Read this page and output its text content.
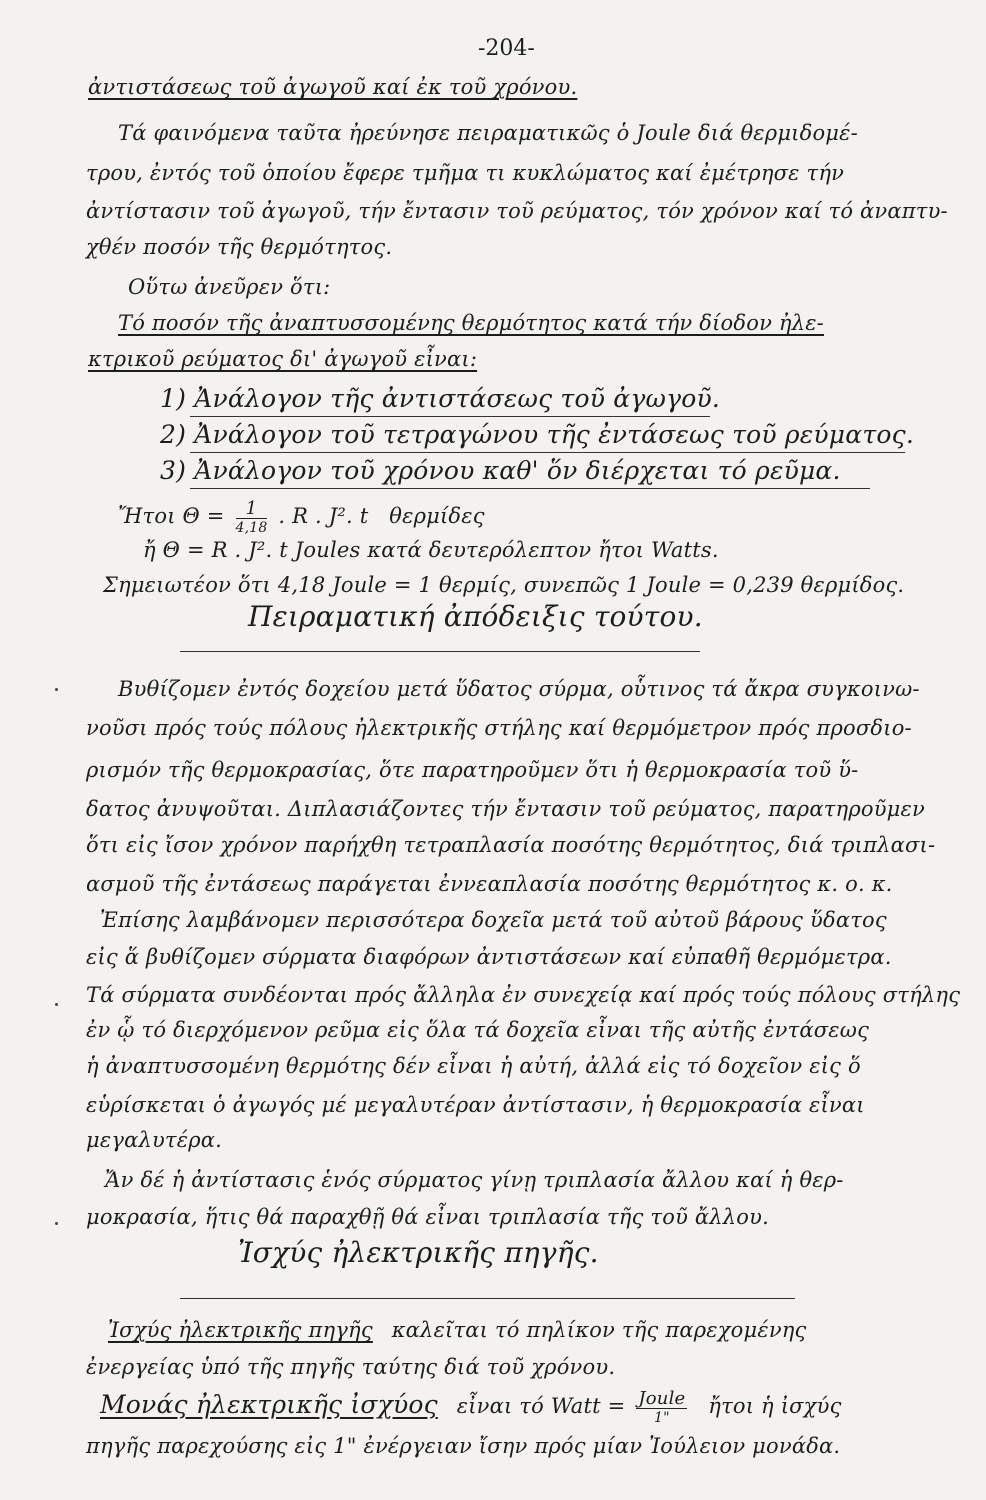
-204-
ἀντιστάσεως τοῦ ἀγωγοῦ καί ἐκ τοῦ χρόνου.
Τά φαινόμενα ταῦτα ἠρεύνησε πειραματικῶς ὁ Joule διά θερμιδομέ-
τρου, ἐντός τοῦ ὁποίου ἔφερε τμῆμα τι κυκλώματος καί ἐμέτρησε τήν
ἀντίστασιν τοῦ ἀγωγοῦ, τήν ἔντασιν τοῦ ρεύματος, τόν χρόνον καί τό ἀναπτυ-
χθέν ποσόν τῆς θερμότητος.
Οὕτω ἀνεῦρεν ὅτι:
Τό ποσόν τῆς ἀναπτυσσομένης θερμότητος κατά τήν δίοδον ἠλε-
κτρικοῦ ρεύματος δι' ἀγωγοῦ εἶναι:
1) Ἀνάλογον τῆς ἀντιστάσεως τοῦ ἀγωγοῦ.
2) Ἀνάλογον τοῦ τετραγώνου τῆς ἐντάσεως τοῦ ρεύματος.
3) Ἀνάλογον τοῦ χρόνου καθ' ὅν διέρχεται τό ρεῦμα.
Ἤτοι $\Theta = \frac{1}{4,18}$ . R . J². t θερμίδες
ἤ Θ = R . J². t Joules κατά δευτερόλεπτον ἤτοι Watts.
Σημειωτέον ὅτι 4,18 Joule = 1 θερμίς, συνεπῶς 1 Joule = 0,239 θερμίδος.
Πειραματική ἀπόδειξις τούτου.
Βυθίζομεν ἐντός δοχείου μετά ὕδατος σύρμα, οὗτινος τά ἄκρα συγκοινω-
νοῦσι πρός τούς πόλους ἠλεκτρικῆς στήλης καί θερμόμετρον πρός προσδιο-
ρισμόν τῆς θερμοκρασίας, ὅτε παρατηροῦμεν ὅτι ἡ θερμοκρασία τοῦ ὕ-
δατος ἀνυψοῦται. Διπλασιάζοντες τήν ἔντασιν τοῦ ρεύματος, παρατηροῦμεν
ὅτι εἰς ἴσον χρόνον παρήχθη τετραπλασία ποσότης θερμότητος, διά τριπλασι-
ασμοῦ τῆς ἐντάσεως παράγεται ἐννεαπλασία ποσότης θερμότητος κ. ο. κ.
Ἐπίσης λαμβάνομεν περισσότερα δοχεῖα μετά τοῦ αὐτοῦ βάρους ὕδατος
εἰς ἅ βυθίζομεν σύρματα διαφόρων ἀντιστάσεων καί εὐπαθῆ θερμόμετρα.
Τά σύρματα συνδέονται πρός ἄλληλα ἐν συνεχείᾳ καί πρός τούς πόλους στήλης
ἐν ᾧ τό διερχόμενον ρεῦμα εἰς ὅλα τά δοχεῖα εἶναι τῆς αὐτῆς ἐντάσεως
ἡ ἀναπτυσσομένη θερμότης δέν εἶναι ἡ αὐτή, ἀλλά εἰς τό δοχεῖον εἰς ὅ
εὑρίσκεται ὁ ἀγωγός μέ μεγαλυτέραν ἀντίστασιν, ἡ θερμοκρασία εἶναι
μεγαλυτέρα.
Ἄν δέ ἡ ἀντίστασις ἑνός σύρματος γίνῃ τριπλασία ἄλλου καί ἡ θερ-
μοκρασία, ἥτις θά παραχθῇ θά εἶναι τριπλασία τῆς τοῦ ἄλλου.
Ἰσχύς ἠλεκτρικῆς πηγῆς.
Ἰσχύς ἠλεκτρικῆς πηγῆς καλεῖται τό πηλίκον τῆς παρεχομένης
ἐνεργείας ὑπό τῆς πηγῆς ταύτης διά τοῦ χρόνου.
Μονάς ἠλεκτρικῆς ἰσχύος εἶναι τό Watt = $\frac{\text{Joule}}{1"}$ ἤτοι ἡ ἰσχύς
πηγῆς παρεχούσης εἰς 1" ἐνέργειαν ἴσην πρός μίαν Ἰούλειον μονάδα.
